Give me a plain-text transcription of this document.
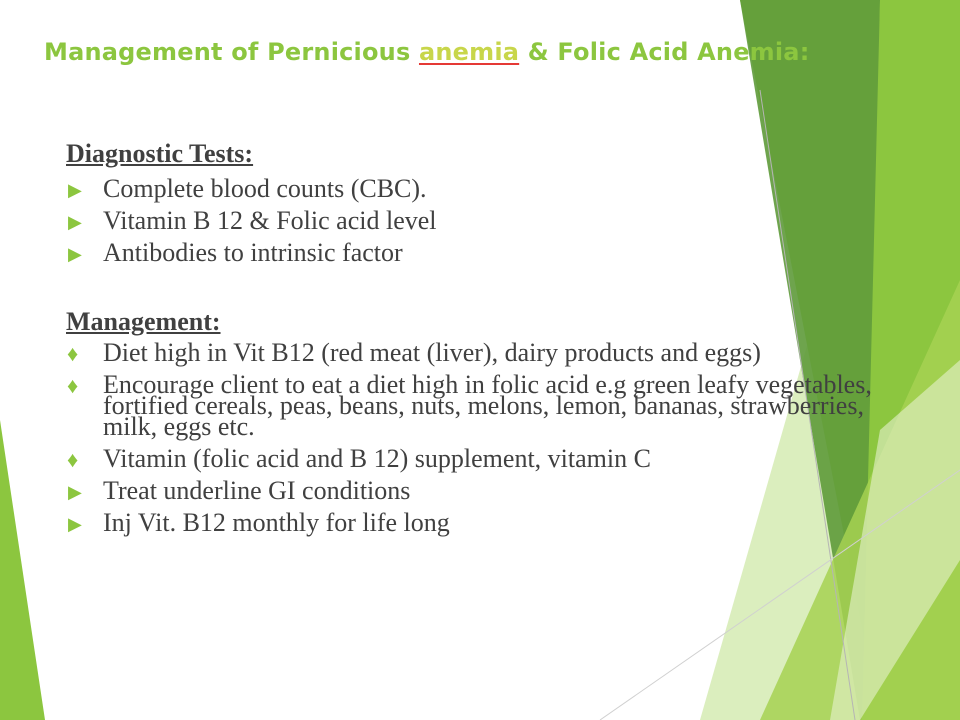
Management of Pernicious anemia & Folic Acid Anemia:
Diagnostic Tests:
▶ Complete blood counts (CBC).
▶ Vitamin B 12 & Folic acid level
▶ Antibodies to intrinsic factor
Management:
♦ Diet high in Vit B12 (red meat (liver), dairy products and eggs)
♦ Encourage client to eat a diet high in folic acid e.g green leafy vegetables, fortified cereals, peas, beans, nuts, melons, lemon, bananas, strawberries, milk, eggs etc.
♦ Vitamin (folic acid and B 12) supplement, vitamin C
▶ Treat underline GI conditions
▶ Inj Vit. B12 monthly for life long
